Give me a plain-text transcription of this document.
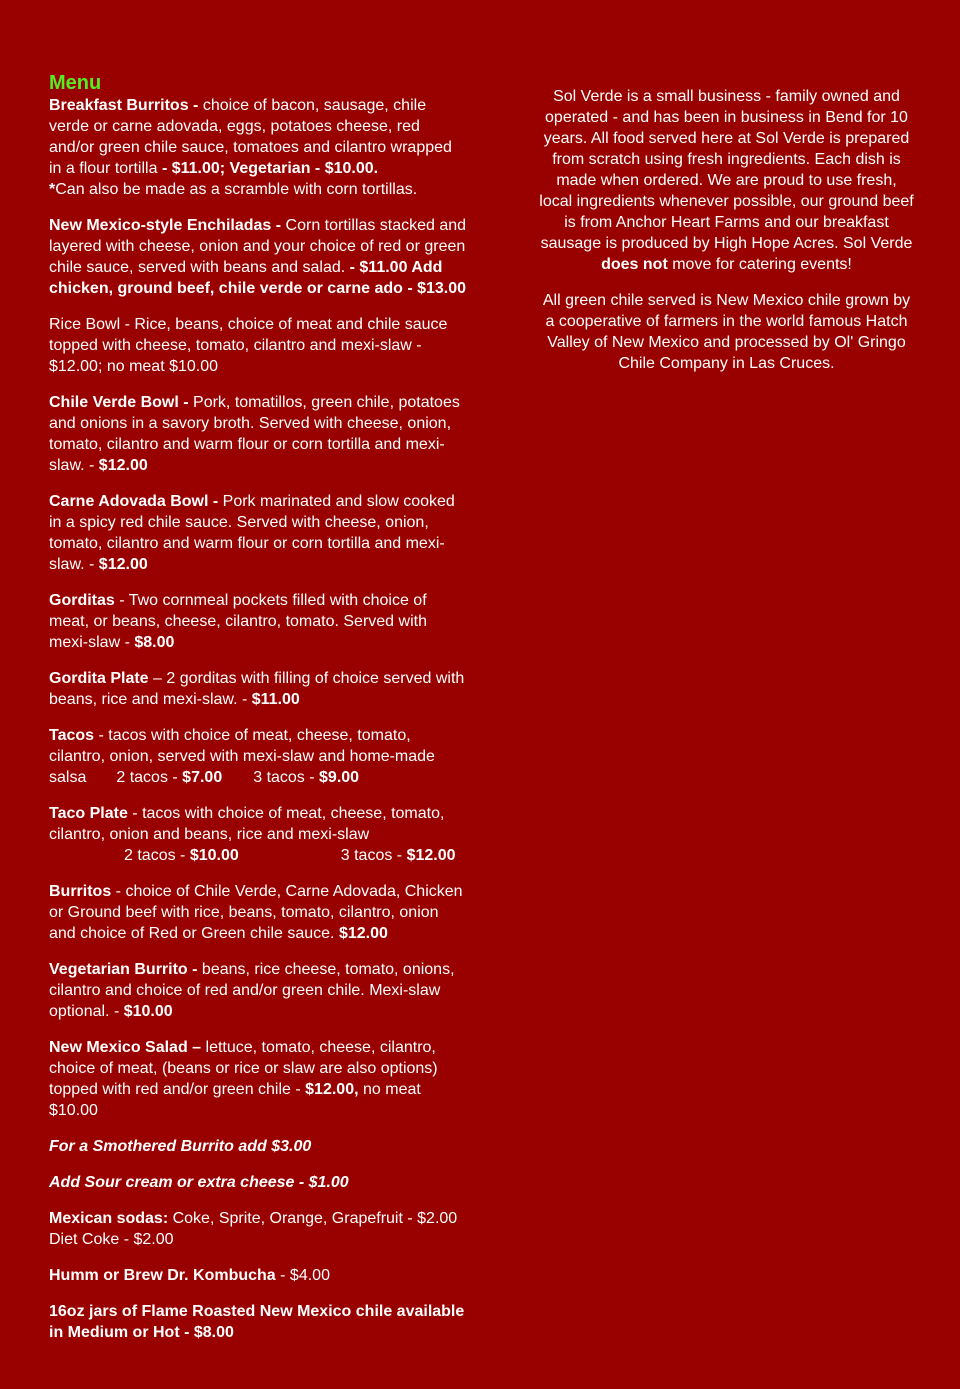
Menu

Breakfast Burritos - choice of bacon, sausage, chile verde or carne adovada, eggs, potatoes cheese, red and/or green chile sauce, tomatoes and cilantro wrapped in a flour tortilla - $11.00; Vegetarian - $10.00.
*Can also be made as a scramble with corn tortillas.

New Mexico-style Enchiladas - Corn tortillas stacked and layered with cheese, onion and your choice of red or green chile sauce, served with beans and salad. - $11.00 Add chicken, ground beef, chile verde or carne ado - $13.00

Rice Bowl - Rice, beans, choice of meat and chile sauce topped with cheese, tomato, cilantro and mexi-slaw - $12.00; no meat $10.00

Chile Verde Bowl - Pork, tomatillos, green chile, potatoes and onions in a savory broth. Served with cheese, onion, tomato, cilantro and warm flour or corn tortilla and mexi-slaw. - $12.00

Carne Adovada Bowl - Pork marinated and slow cooked in a spicy red chile sauce. Served with cheese, onion, tomato, cilantro and warm flour or corn tortilla and mexi-slaw. - $12.00

Gorditas - Two cornmeal pockets filled with choice of meat, or beans, cheese, cilantro, tomato. Served with mexi-slaw - $8.00

Gordita Plate – 2 gorditas with filling of choice served with beans, rice and mexi-slaw. - $11.00

Tacos - tacos with choice of meat, cheese, tomato, cilantro, onion, served with mexi-slaw and home-made salsa 2 tacos - $7.00 3 tacos - $9.00

Taco Plate - tacos with choice of meat, cheese, tomato, cilantro, onion and beans, rice and mexi-slaw
2 tacos - $10.00	3 tacos - $12.00

Burritos - choice of Chile Verde, Carne Adovada, Chicken or Ground beef with rice, beans, tomato, cilantro, onion and choice of Red or Green chile sauce. $12.00

Vegetarian Burrito - beans, rice cheese, tomato, onions, cilantro and choice of red and/or green chile. Mexi-slaw optional. - $10.00

New Mexico Salad – lettuce, tomato, cheese, cilantro, choice of meat, (beans or rice or slaw are also options) topped with red and/or green chile - $12.00, no meat $10.00

For a Smothered Burrito add $3.00

Add Sour cream or extra cheese - $1.00

Mexican sodas: Coke, Sprite, Orange, Grapefruit - $2.00
Diet Coke - $2.00

Humm or Brew Dr. Kombucha - $4.00

16oz jars of Flame Roasted New Mexico chile available in Medium or Hot - $8.00

Sol Verde is a small business - family owned and operated - and has been in business in Bend for 10 years. All food served here at Sol Verde is prepared from scratch using fresh ingredients. Each dish is made when ordered. We are proud to use fresh, local ingredients whenever possible, our ground beef is from Anchor Heart Farms and our breakfast sausage is produced by High Hope Acres. Sol Verde does not move for catering events!

All green chile served is New Mexico chile grown by a cooperative of farmers in the world famous Hatch Valley of New Mexico and processed by Ol' Gringo Chile Company in Las Cruces.
